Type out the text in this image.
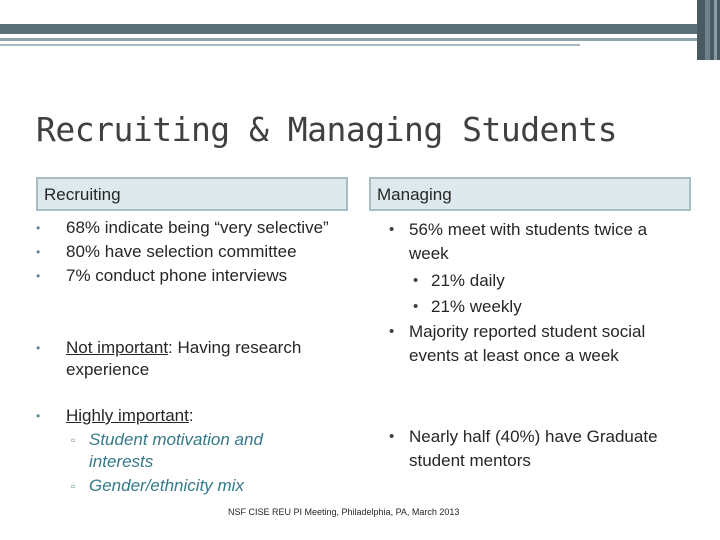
Recruiting & Managing Students
Recruiting	Managing
• 68% indicate being “very selective”
• 80% have selection committee
• 7% conduct phone interviews
• Not important: Having research experience
• Highly important:
▫ Student motivation and interests
▫ Gender/ethnicity mix
• 56% meet with students twice a week
• 21% daily
• 21% weekly
• Majority reported student social events at least once a week
• Nearly half (40%) have Graduate student mentors
NSF CISE REU PI Meeting, Philadelphia, PA, March 2013
